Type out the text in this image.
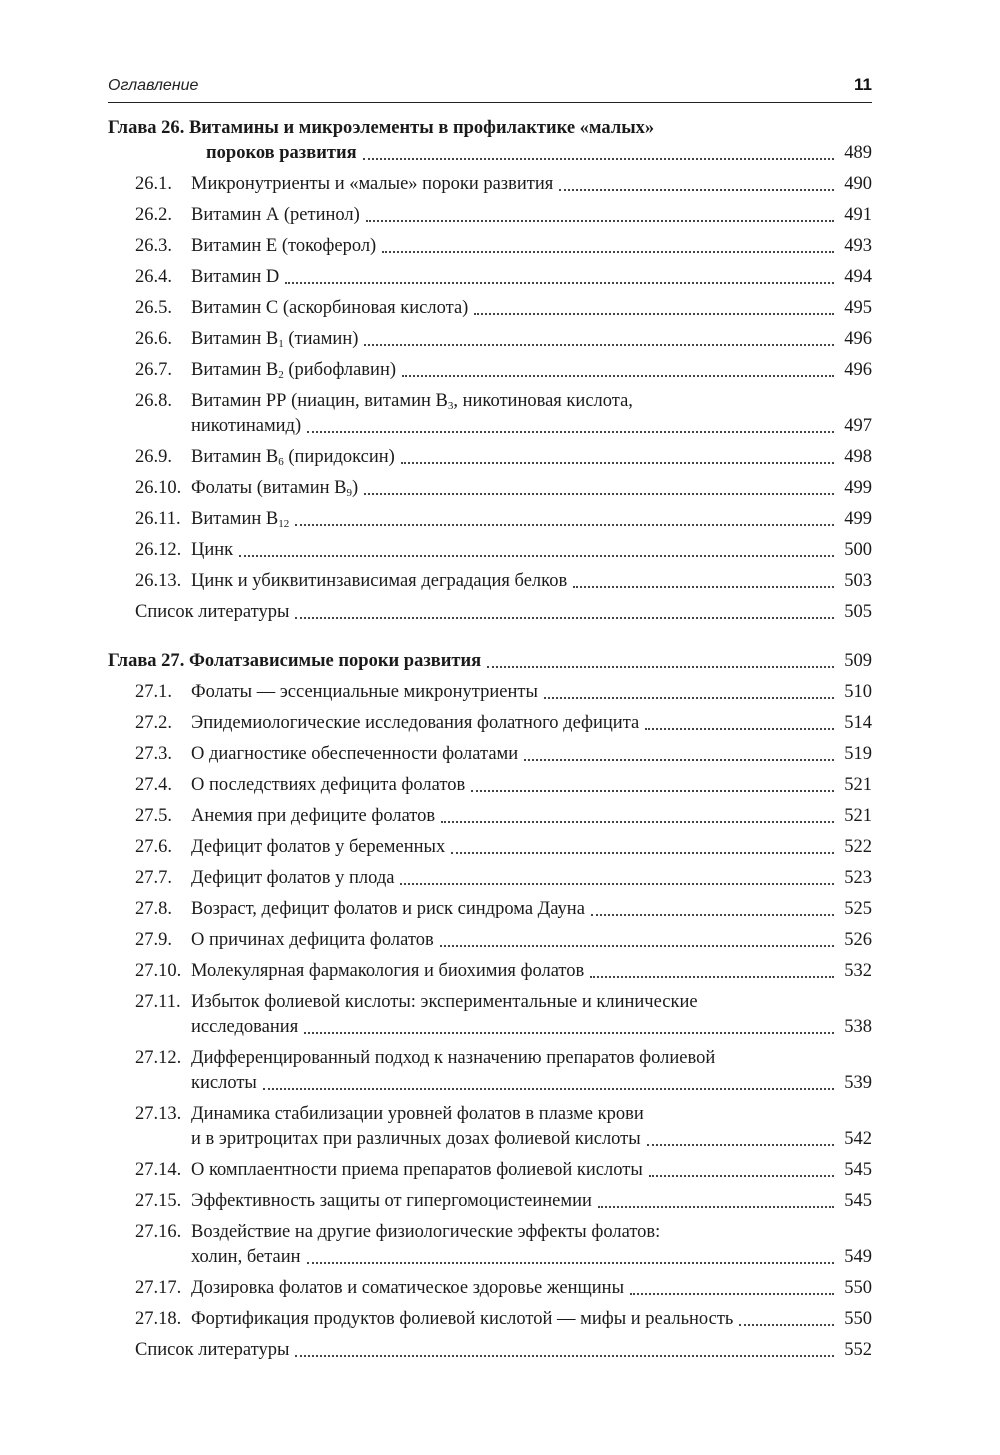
Оглавление	11
Глава 26. Витамины и микроэлементы в профилактике «малых»
пороков развития	489
26.1.	Микронутриенты и «малые» пороки развития	490
26.2.	Витамин А (ретинол)	491
26.3.	Витамин Е (токоферол)	493
26.4.	Витамин D	494
26.5.	Витамин С (аскорбиновая кислота)	495
26.6.	Витамин $В_1$ (тиамин)	496
26.7.	Витамин $В_2$ (рибофлавин)	496
26.8.	Витамин РР (ниацин, витамин $В_3$, никотиновая кислота,
никотинамид)	497
26.9.	Витамин $В_6$ (пиридоксин)	498
26.10. Фолаты (витамин $В_9$)	499
26.11. Витамин $В_{12}$	499
26.12. Цинк	500
26.13. Цинк и убиквитинзависимая деградация белков	503
Список литературы	505
Глава 27 . Фолатзависимые пороки развития	509
27.1.	Фолаты — эссенциальные микронутриенты	510
27.2.	Эпидемиологические исследования фолатного дефицита	514
27.3.	О диагностике обеспеченности фолатами	519
27.4.	О последствиях дефицита фолатов	521
27.5.	Анемия при дефиците фолатов	521
27.6.	Дефицит фолатов у беременных	522
27.7.	Дефицит фолатов у плода	523
27.8.	Возраст, дефицит фолатов и риск синдрома Дауна	525
27.9.	О причинах дефицита фолатов	526
27.10. Молекулярная фармакология и биохимия фолатов	532
27.11. Избыток фолиевой кислоты: экспериментальные и клинические
исследования	538
27.12. Дифференцированный подход к назначению препаратов фолиевой
кислоты	539
27.13. Динамика стабилизации уровней фолатов в плазме крови
и в эритроцитах при различных дозах фолиевой кислоты	542
27.14. О комплаентности приема препаратов фолиевой кислоты	545
27.15. Эффективность защиты от гипергомоцистеинемии	545
27.16. Воздействие на другие физиологические эффекты фолатов:
холин, бетаин	549
27.17. Дозировка фолатов и соматическое здоровье женщины	550
27.18. Фортификация продуктов фолиевой кислотой — мифы и реальность	550
Список литературы	552
